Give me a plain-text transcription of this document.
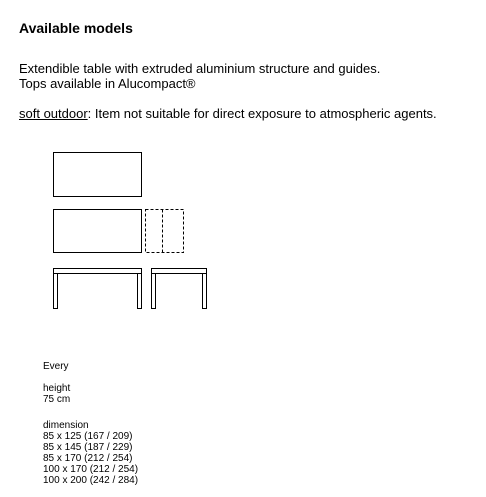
Available models
Extendible table with extruded aluminium structure and guides.
Tops available in Alucompact®
soft outdoor: Item not suitable for direct exposure to atmospheric agents.
Every
height
75 cm
dimension
85 x 125 (167 / 209)
85 x 145 (187 / 229)
85 x 170 (212 / 254)
100 x 170 (212 / 254)
100 x 200 (242 / 284)
